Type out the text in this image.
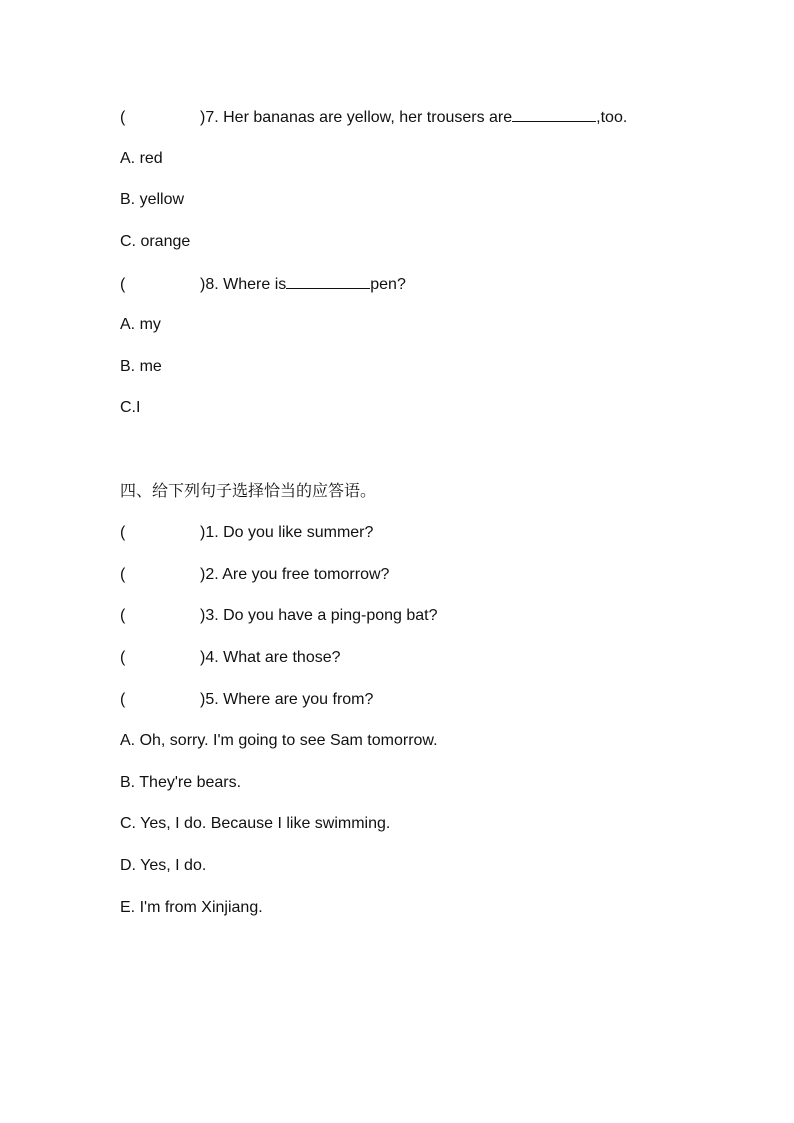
(	)7. Her bananas are yellow, her trousers are	,too.
A. red
B. yellow
C. orange
(	)8. Where is	pen?
A. my
B. me
C.I
四、给下列句子选择恰当的应答语。
(	)1. Do you like summer?
(	)2. Are you free tomorrow?
(	)3. Do you have a ping-pong bat?
(	)4. What are those?
(	)5. Where are you from?
A. Oh, sorry. I'm going to see Sam tomorrow.
B. They're bears.
C. Yes, I do. Because I like swimming.
D. Yes, I do.
E. I'm from Xinjiang.
